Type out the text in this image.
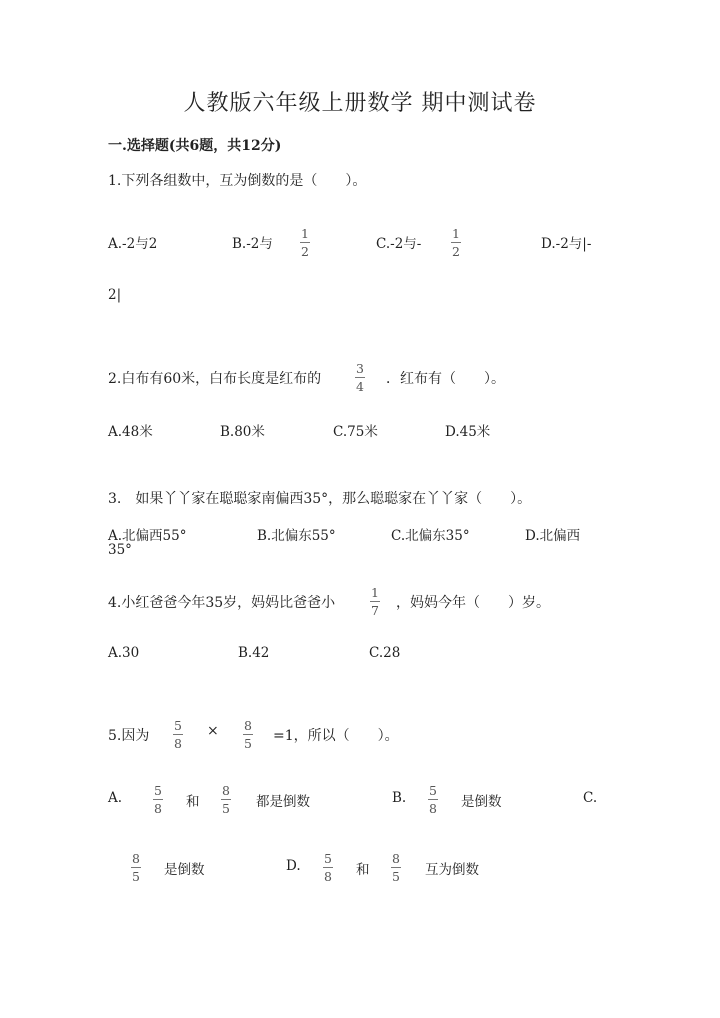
人教版六年级上册数学 期中测试卷
一.选择题(共6题，共12分)
1.下列各组数中，互为倒数的是（　　）。
A.-2与2	B.-2与
1
2	C.-2与-
1
2	D.-2与|-
2|
2.白布有60米，白布长度是红布的
3
4 ．红布有（　　）。
A.48米	B.80米	C.75米	D.45米
3.　如果丫丫家在聪聪家南偏西35°，那么聪聪家在丫丫家（　　）。
A.北偏西55°	B.北偏东55°	C.北偏东35°	D.北偏西
35°
4.小红爸爸今年35岁，妈妈比爸爸小
1
7 ，妈妈今年（　　）岁。
A.30	B.42	C.28
5.因为
5
8
× 8
5 =1，所以（　　）。
A.	5
8 和
8
5 都是倒数	B. 5
8 是倒数	C.
8
5 是倒数	D. 5
8 和
8
5 互为倒数
